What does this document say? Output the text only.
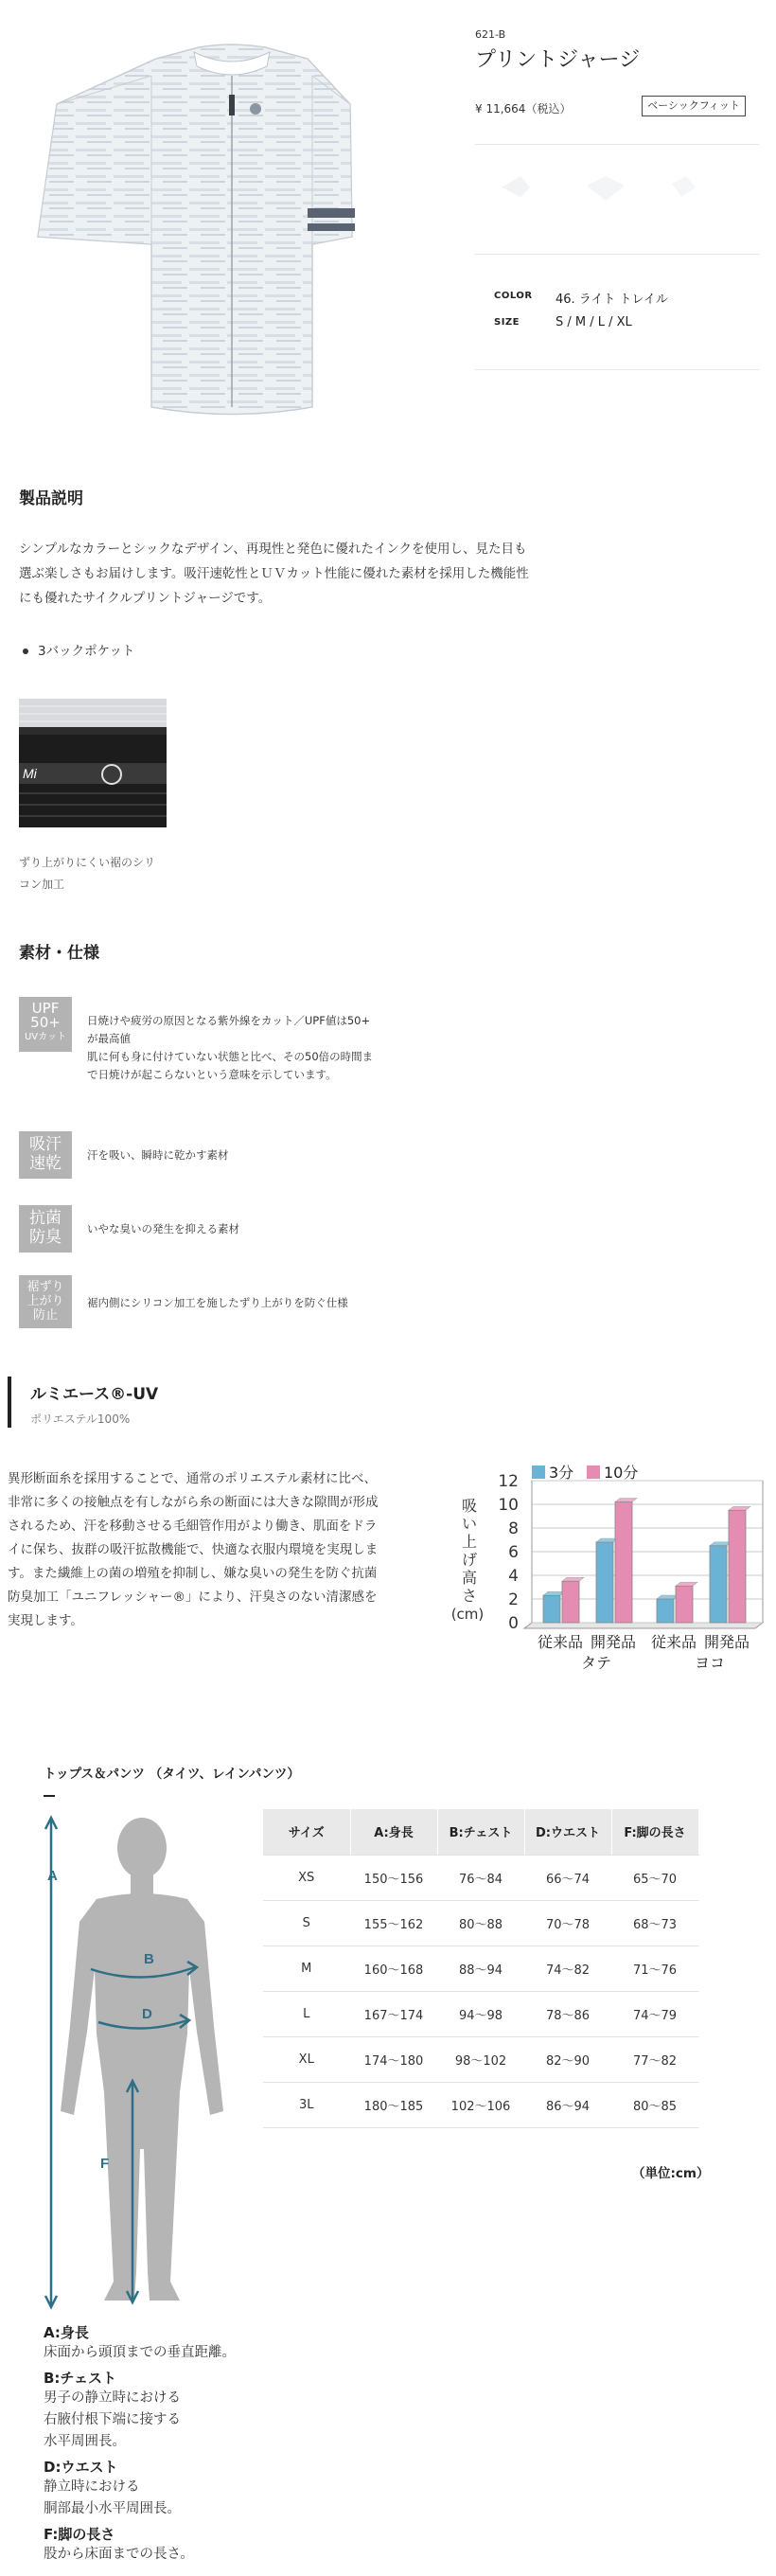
621-B
プリントジャージ
¥ 11,664（税込）	ベーシックフィット
COLOR 46. ライト トレイル
SIZE	S / M / L / XL
製品説明

シンプルなカラーとシックなデザイン、再現性と発色に優れたインクを使用し、見た目も選ぶ楽しさもお届けします。吸汗速乾性とＵＶカット性能に優れた素材を採用した機能性にも優れたサイクルプリントジャージです。

3バックポケット
Mi
ずり上がりにくい裾のシリ
コン加工
素材・仕様
UPF
50+
UVカット
日焼けや疲労の原因となる紫外線をカット／UPF値は50+
が最高値
肌に何も身に付けていない状態と比べ、その50倍の時間ま
で日焼けが起こらないという意味を示しています。
吸汗
速乾	汗を吸い、瞬時に乾かす素材
抗菌
防臭	いやな臭いの発生を抑える素材
裾ずり
上がり
防止
裾内側にシリコン加工を施したずり上がりを防ぐ仕様
ルミエース®-UV
ポリエステル100%

異形断面糸を採用することで、通常のポリエステル素材に比べ、非常に多くの接触点を有しながら糸の断面には大きな隙間が形成されるため、汗を移動させる毛細管作用がより働き、肌面をドライに保ち、抜群の吸汗拡散機能で、快適な衣服内環境を実現します。また繊維上の菌の増殖を抑制し、嫌な臭いの発生を防ぐ抗菌防臭加工「ユニフレッシャー®」により、汗臭さのない清潔感を実現します。	0
2
4
6
8
10
12
吸
い
上
げ
高
さ
(cm)
3分 10分
従来品 開発品 従来品 開発品
タテ	ヨコ
トップス＆パンツ （タイツ、レインパンツ）
A
B
D
F
サイズ	A:身長	B:チェスト	D:ウエスト	F:脚の長さ
XS	150〜156	76〜84	66〜74	65〜70
S	155〜162	80〜88	70〜78	68〜73
M	160〜168	88〜94	74〜82	71〜76
L	167〜174	94〜98	78〜86	74〜79
XL	174〜180	98〜102	82〜90	77〜82
3L	180〜185	102〜106	86〜94	80〜85
（単位:cm）
A:身長
床面から頭頂までの垂直距離。
B:チェスト
男子の静立時における
右腋付根下端に接する
水平周囲長。
D:ウエスト
静立時における
胴部最小水平周囲長。
F:脚の長さ
股から床面までの長さ。
